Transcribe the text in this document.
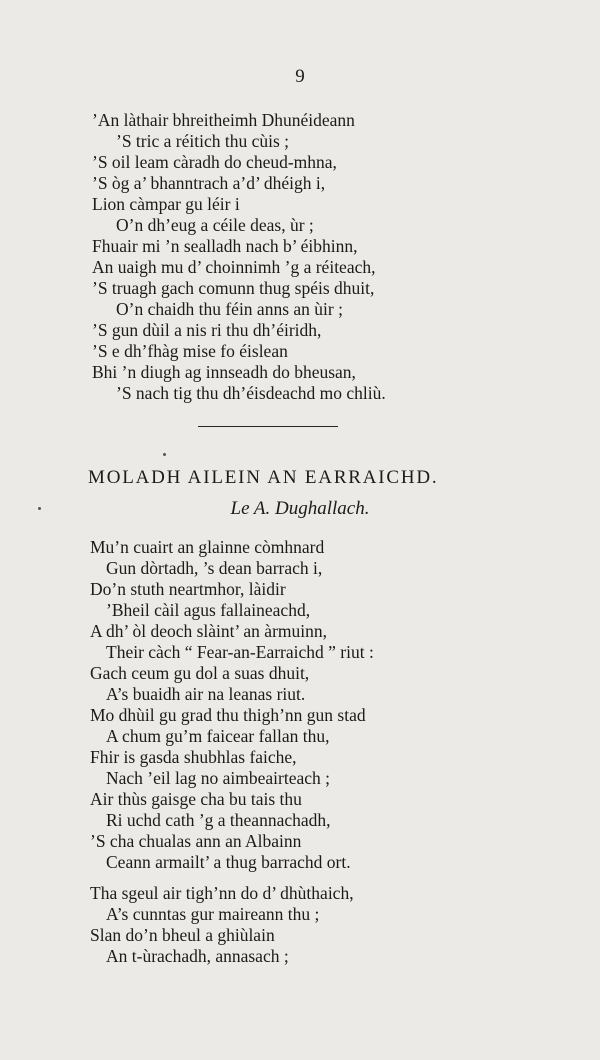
9
’An làthair bhreitheimh Dhunéideann
’S tric a réitich thu cùis ;
’S oil leam càradh do cheud-mhna,
’S òg a’ bhanntrach a’d’ dhéigh i,
Lion càmpar gu léir i
O’n dh’eug a céile deas, ùr ;
Fhuair mi ’n sealladh nach b’ éibhinn,
An uaigh mu d’ choinnimh ’g a réiteach,
’S truagh gach comunn thug spéis dhuit,
O’n chaidh thu féin anns an ùir ;
’S gun dùil a nis ri thu dh’éiridh,
’S e dh’fhàg mise fo éislean
Bhi ’n diugh ag innseadh do bheusan,
’S nach tig thu dh’éisdeachd mo chliù.
MOLADH AILEIN AN EARRAICHD.
Le A. Dughallach.
Mu’n cuairt an glainne còmhnard
Gun dòrtadh, ’s dean barrach i,
Do’n stuth neartmhor, làidir
’Bheil càil agus fallaineachd,
A dh’ òl deoch slàint’ an àrmuinn,
Their càch “ Fear-an-Earraichd ” riut :
Gach ceum gu dol a suas dhuit,
A’s buaidh air na leanas riut.
Mo dhùil gu grad thu thigh’nn gun stad
A chum gu’m faicear fallan thu,
Fhir is gasda shubhlas faiche,
Nach ’eil lag no aimbeairteach ;
Air thùs gaisge cha bu tais thu
Ri uchd cath ’g a theannachadh,
’S cha chualas ann an Albainn
Ceann armailt’ a thug barrachd ort.
Tha sgeul air tigh’nn do d’ dhùthaich,
A’s cunntas gur maireann thu ;
Slan do’n bheul a ghiùlain
An t-ùrachadh, annasach ;
